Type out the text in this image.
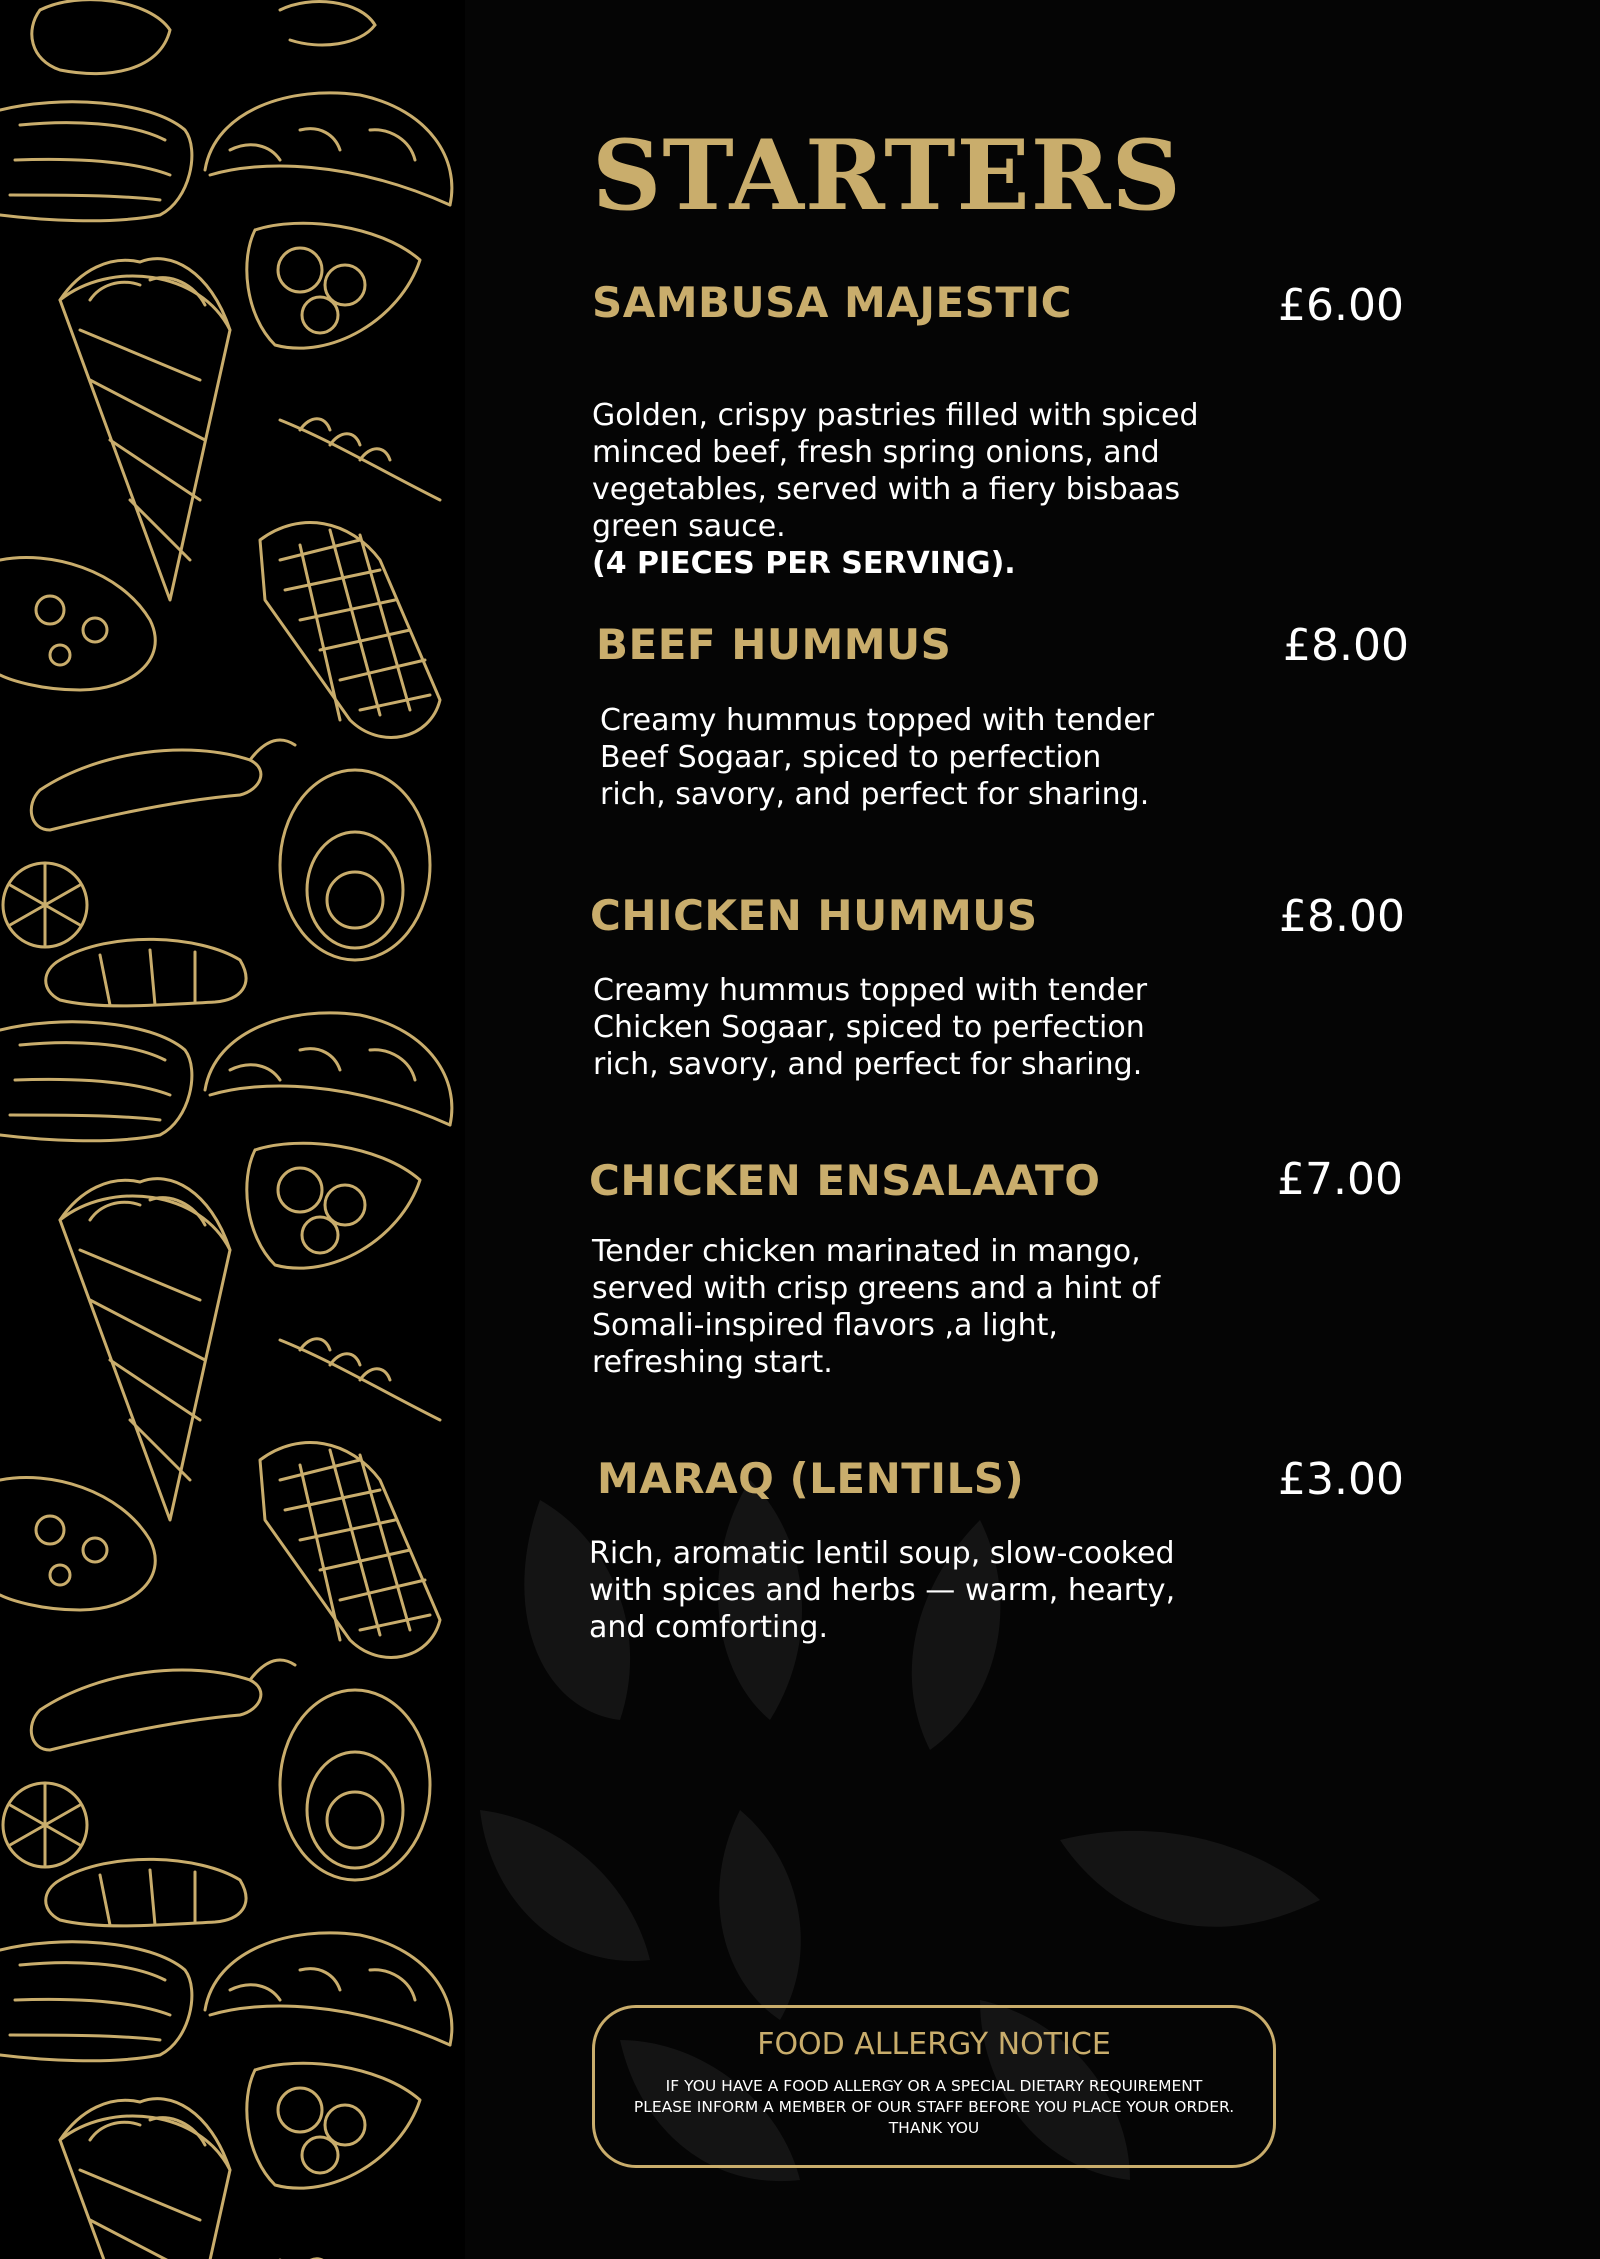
STARTERS
SAMBUSA MAJESTIC	£6.00

Golden, crispy pastries filled with spiced
minced beef, fresh spring onions, and
vegetables, served with a fiery bisbaas
green sauce.

(4 PIECES PER SERVING).

BEEF HUMMUS	£8.00
Creamy hummus topped with tender
Beef Sogaar, spiced to perfection
rich, savory, and perfect for sharing.
CHICKEN HUMMUS	£8.00
Creamy hummus topped with tender
Chicken Sogaar, spiced to perfection
rich, savory, and perfect for sharing.
CHICKEN ENSALAATO	£7.00
Tender chicken marinated in mango,
served with crisp greens and a hint of
Somali-inspired flavors ,a light,
refreshing start.
MARAQ (LENTILS)	£3.00
Rich, aromatic lentil soup, slow-cooked
with spices and herbs — warm, hearty,
and comforting.
FOOD ALLERGY NOTICE
IF YOU HAVE A FOOD ALLERGY OR A SPECIAL DIETARY REQUIREMENT
PLEASE INFORM A MEMBER OF OUR STAFF BEFORE YOU PLACE YOUR ORDER.
THANK YOU
